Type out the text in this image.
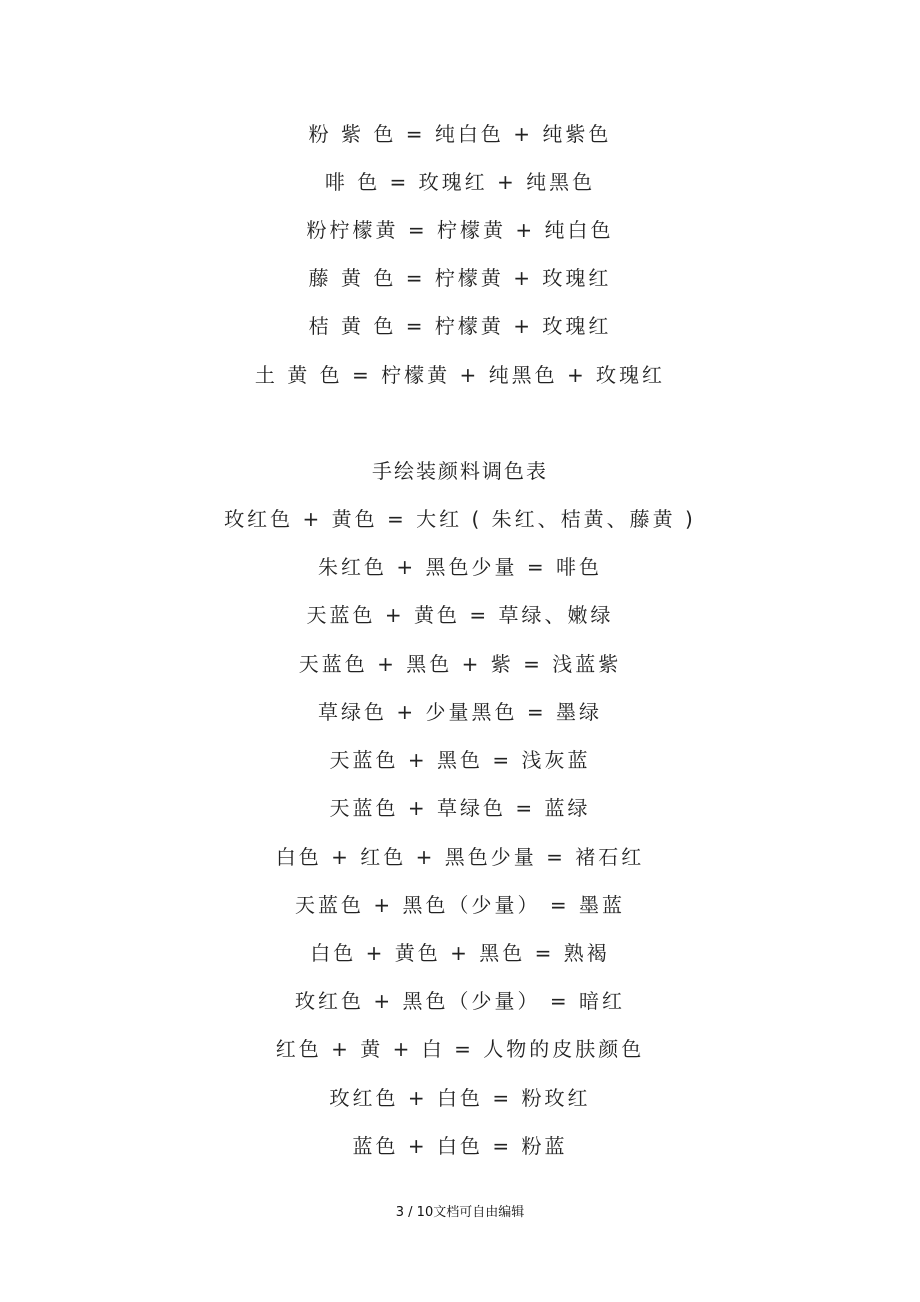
粉 紫 色 = 纯白色 + 纯紫色
啡 色 = 玫瑰红 + 纯黑色
粉柠檬黄 = 柠檬黄 + 纯白色
藤 黄 色 = 柠檬黄 + 玫瑰红
桔 黄 色 = 柠檬黄 + 玫瑰红
土 黄 色 = 柠檬黄 + 纯黑色 + 玫瑰红
手绘装颜料调色表
玫红色 + 黄色 = 大红 ( 朱红、桔黄、藤黄 )
朱红色 + 黑色少量 = 啡色
天蓝色 + 黄色 = 草绿、嫩绿
天蓝色 + 黑色 + 紫 = 浅蓝紫
草绿色 + 少量黑色 = 墨绿
天蓝色 + 黑色 = 浅灰蓝
天蓝色 + 草绿色 = 蓝绿
白色 + 红色 + 黑色少量 = 褚石红
天蓝色 + 黑色（少量） = 墨蓝
白色 + 黄色 + 黑色 = 熟褐
玫红色 + 黑色（少量） = 暗红
红色 + 黄 + 白 = 人物的皮肤颜色
玫红色 + 白色 = 粉玫红
蓝色 + 白色 = 粉蓝
3 / 10文档可自由编辑
